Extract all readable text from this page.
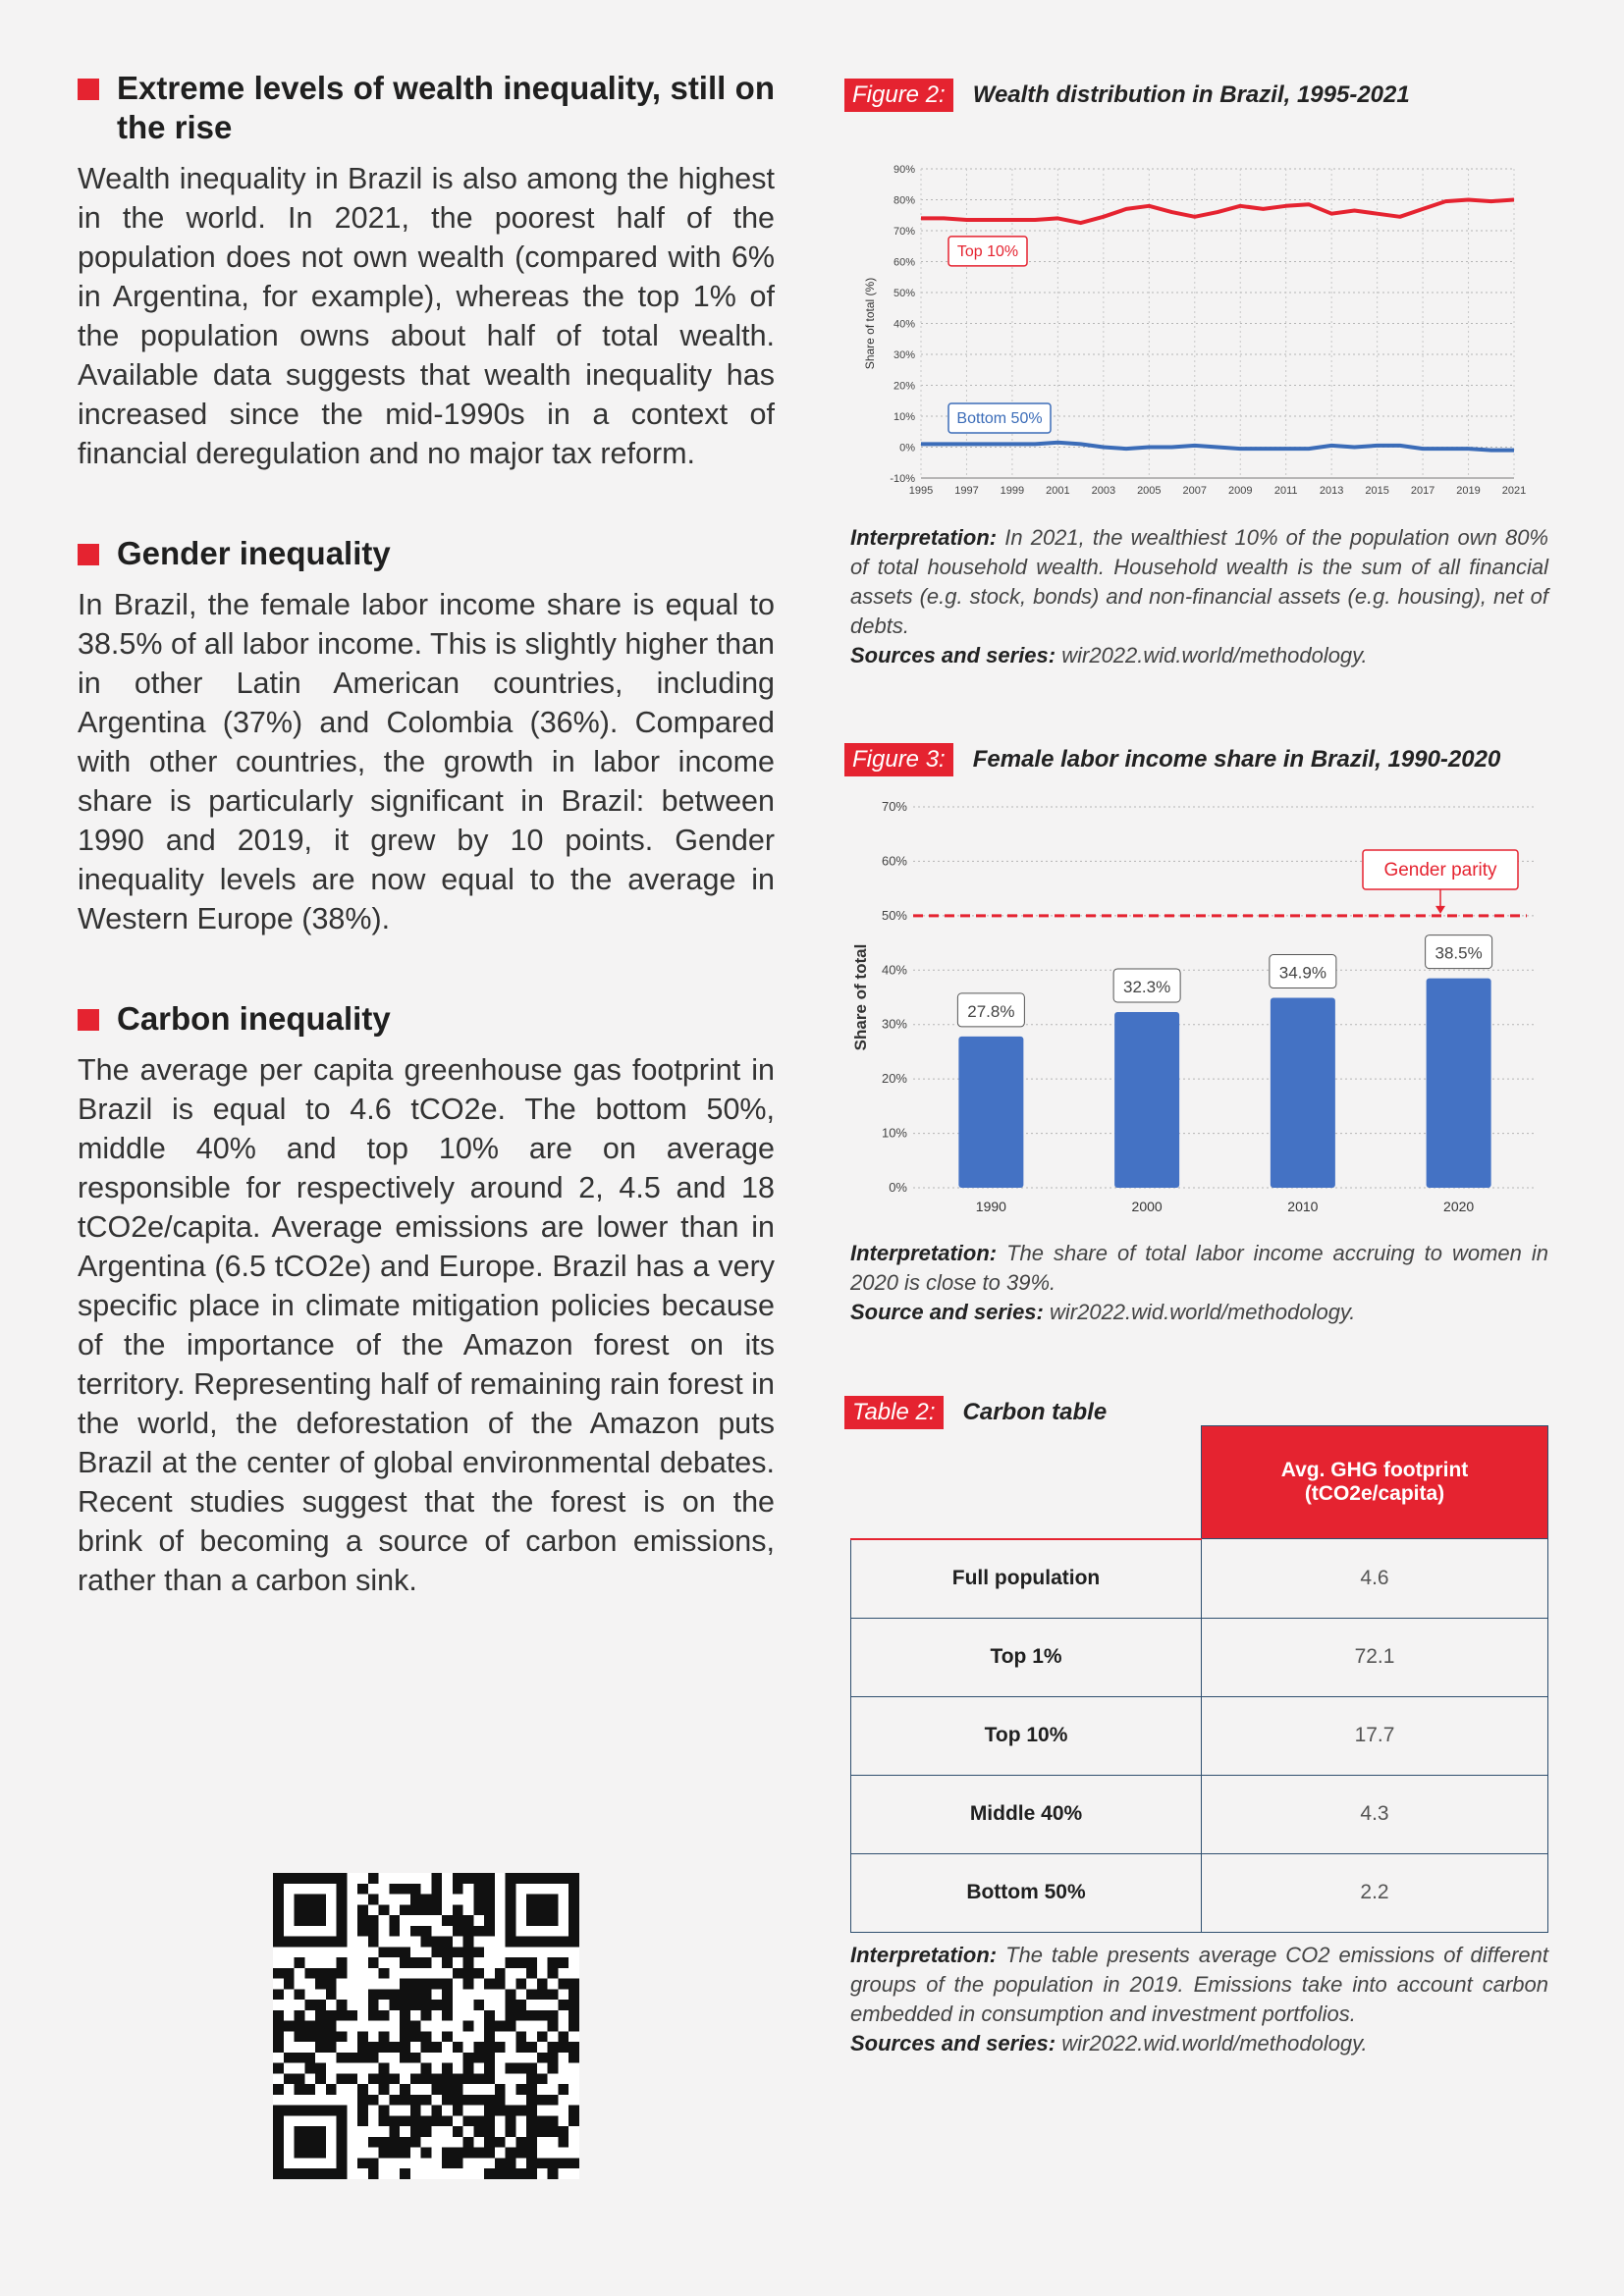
Extreme levels of wealth inequality, still on the rise

Wealth inequality in Brazil is also among the highest in the world. In 2021, the poorest half of the population does not own wealth (compared with 6% in Argentina, for example), whereas the top 1% of the population owns about half of total wealth. Available data suggests that wealth inequality has increased since the mid-1990s in a context of financial deregulation and no major tax reform.

Gender inequality

In Brazil, the female labor income share is equal to 38.5% of all labor income. This is slightly higher than in other Latin American countries, including Argentina (37%) and Colombia (36%). Compared with other countries, the growth in labor income share is particularly significant in Brazil: between 1990 and 2019, it grew by 10 points. Gender inequality levels are now equal to the average in Western Europe (38%).

Carbon inequality

The average per capita greenhouse gas footprint in Brazil is equal to 4.6 tCO2e. The bottom 50%, middle 40% and top 10% are on average responsible for respectively around 2, 4.5 and 18 tCO2e/capita. Average emissions are lower than in Argentina (6.5 tCO2e) and Europe. Brazil has a very specific place in climate mitigation policies because of the importance of the Amazon forest on its territory. Representing half of remaining rain forest in the world, the deforestation of the Amazon puts Brazil at the center of global environmental debates. Recent studies suggest that the forest is on the brink of becoming a source of carbon emissions, rather than a carbon sink.

Figure 2:	Wealth distribution in Brazil, 1995-2021
-10%
0%
10%
20%
30%
40%
50%
60%
70%
80%
90%
1995 1997 1999 2001 2003 2005 2007 2009 2011 2013 2015 2017 2019 2021
Share of total (%)
Top 10%
Bottom 50%
Interpretation: In 2021, the wealthiest 10% of the population own 80% of total household wealth. Household wealth is the sum of all financial assets (e.g. stock, bonds) and non-financial assets (e.g. housing), net of debts.
Sources and series: wir2022.wid.world/methodology.
Figure 3:	Female labor income share in Brazil, 1990-2020
0%
10%
20%
30%
40%
50%
60%
70%
Share of total
1990
27.8%
2000
32.3%
2010
34.9%
2020
38.5%
Gender parity
Interpretation: The share of total labor income accruing to women in 2020 is close to 39%.
Source and series: wir2022.wid.world/methodology.
Table 2:	Carbon table
	Avg. GHG footprint (tCO2e/capita)
Full population	4.6
Top 1%	72.1
Top 10%	17.7
Middle 40%	4.3
Bottom 50%	2.2
Interpretation: The table presents average CO2 emissions of different groups of the population in 2019. Emissions take into account carbon embedded in consumption and investment portfolios.
Sources and series: wir2022.wid.world/methodology.
